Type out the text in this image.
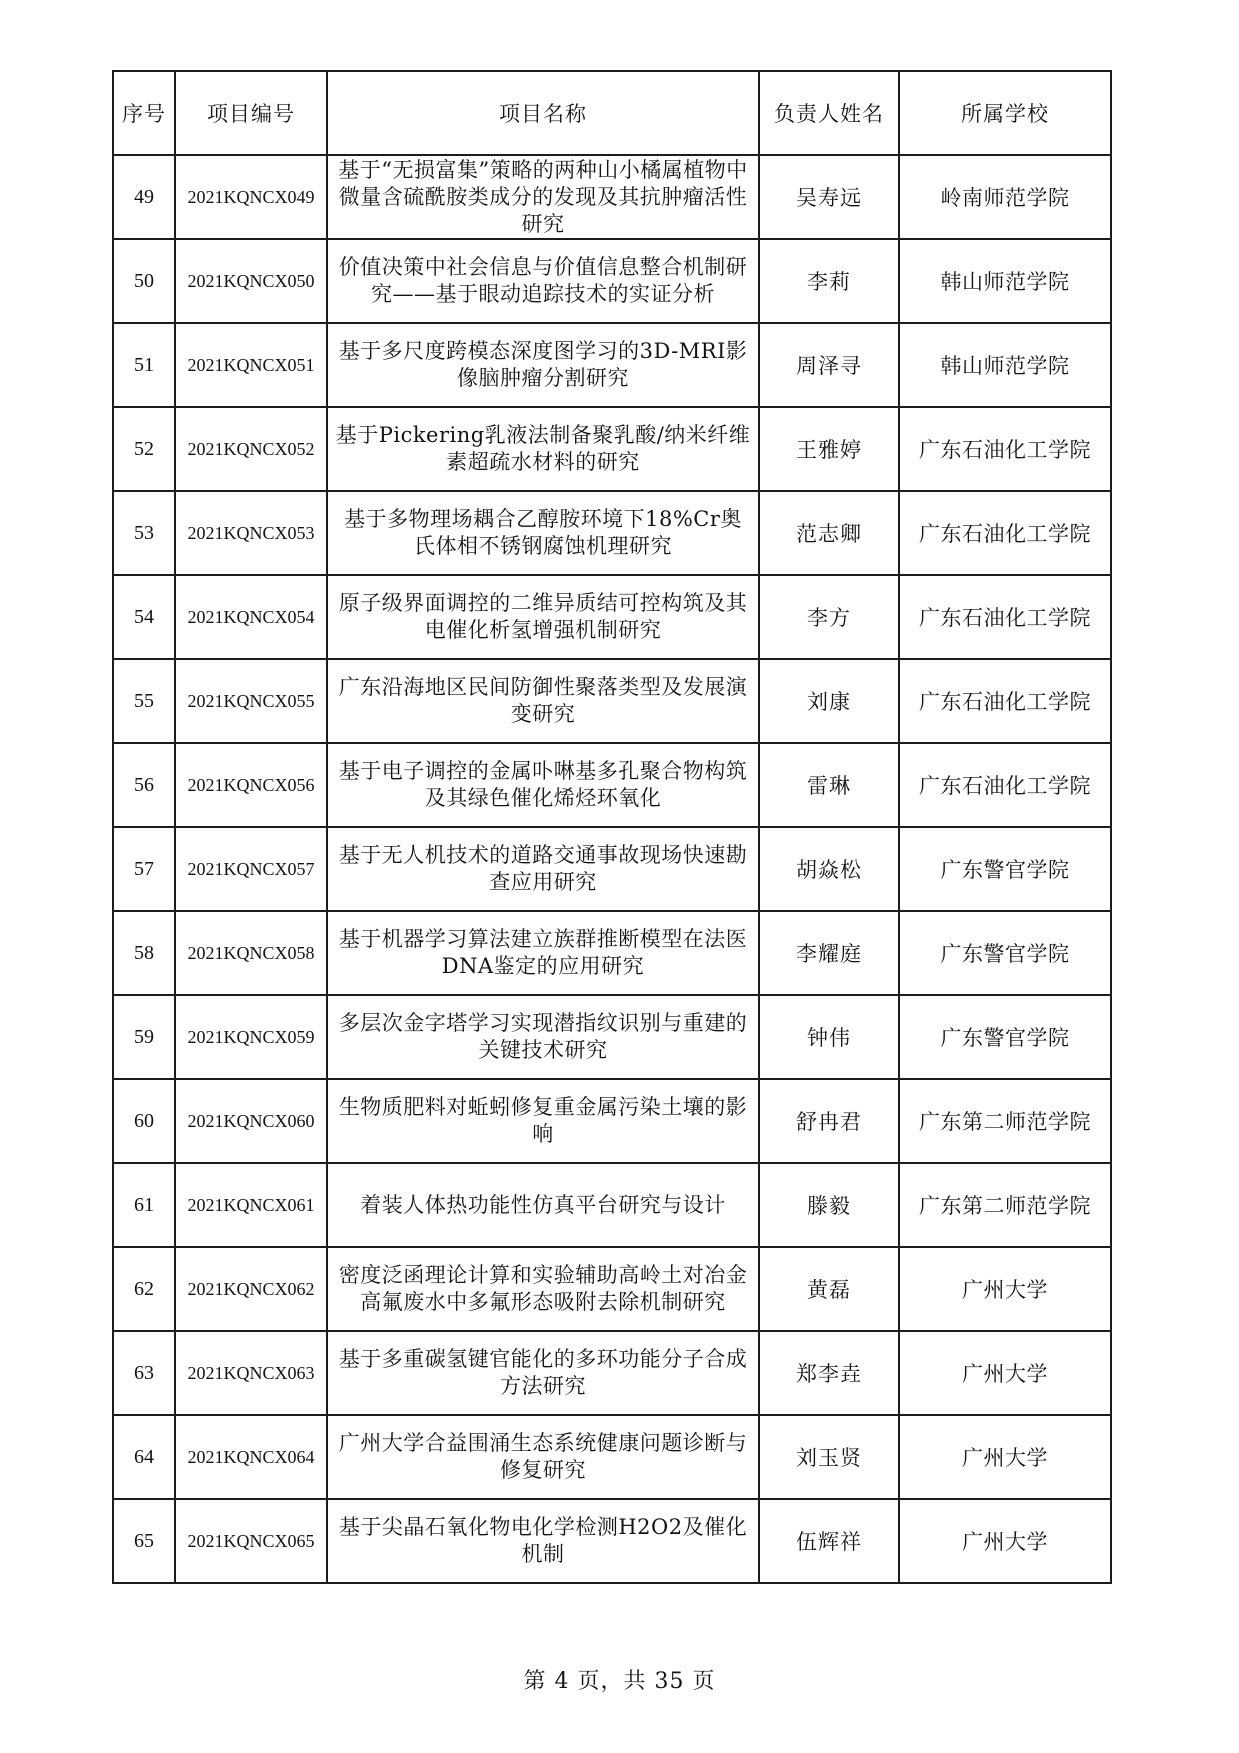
序号	项目编号	项目名称	负责人姓名	所属学校
49	2021KQNCX049	基于“无损富集”策略的两种山小橘属植物中微量含硫酰胺类成分的发现及其抗肿瘤活性研究	吴寿远	岭南师范学院
50	2021KQNCX050	价值决策中社会信息与价值信息整合机制研究——基于眼动追踪技术的实证分析	李莉	韩山师范学院
51	2021KQNCX051	基于多尺度跨模态深度图学习的3D-MRI影像脑肿瘤分割研究	周泽寻	韩山师范学院
52	2021KQNCX052	基于Pickering乳液法制备聚乳酸/纳米纤维素超疏水材料的研究	王雅婷	广东石油化工学院
53	2021KQNCX053	基于多物理场耦合乙醇胺环境下18%Cr奥氏体相不锈钢腐蚀机理研究	范志卿	广东石油化工学院
54	2021KQNCX054	原子级界面调控的二维异质结可控构筑及其电催化析氢增强机制研究	李方	广东石油化工学院
55	2021KQNCX055	广东沿海地区民间防御性聚落类型及发展演变研究	刘康	广东石油化工学院
56	2021KQNCX056	基于电子调控的金属卟啉基多孔聚合物构筑及其绿色催化烯烃环氧化	雷琳	广东石油化工学院
57	2021KQNCX057	基于无人机技术的道路交通事故现场快速勘查应用研究	胡焱松	广东警官学院
58	2021KQNCX058	基于机器学习算法建立族群推断模型在法医DNA鉴定的应用研究	李耀庭	广东警官学院
59	2021KQNCX059	多层次金字塔学习实现潜指纹识别与重建的关键技术研究	钟伟	广东警官学院
60	2021KQNCX060	生物质肥料对蚯蚓修复重金属污染土壤的影响	舒冉君	广东第二师范学院
61	2021KQNCX061	着装人体热功能性仿真平台研究与设计	滕毅	广东第二师范学院
62	2021KQNCX062	密度泛函理论计算和实验辅助高岭土对冶金高氟废水中多氟形态吸附去除机制研究	黄磊	广州大学
63	2021KQNCX063	基于多重碳氢键官能化的多环功能分子合成方法研究	郑李垚	广州大学
64	2021KQNCX064	广州大学合益围涌生态系统健康问题诊断与修复研究	刘玉贤	广州大学
65	2021KQNCX065	基于尖晶石氧化物电化学检测H2O2及催化机制	伍辉祥	广州大学
第 4 页，共 35 页
